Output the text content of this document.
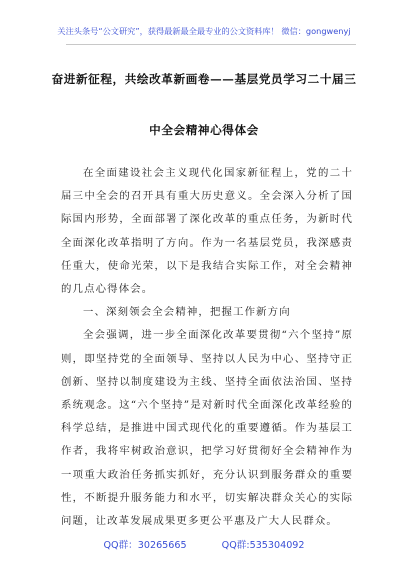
关注头条号“公文研究”，获得最新最全最专业的公文资料库！ 微信：gongwenyj
奋进新征程，共绘改革新画卷——基层党员学习二十届三
中全会精神心得体会

在全面建设社会主义现代化国家新征程上，党的二十届三中全会的召开具有重大历史意义。全会深入分析了国际国内形势，全面部署了深化改革的重点任务，为新时代全面深化改革指明了方向。作为一名基层党员，我深感责任重大，使命光荣，以下是我结合实际工作，对全会精神的几点心得体会。

一、深刻领会全会精神，把握工作新方向

全会强调，进一步全面深化改革要贯彻“六个坚持”原则，即坚持党的全面领导、坚持以人民为中心、坚持守正创新、坚持以制度建设为主线、坚持全面依法治国、坚持系统观念。这“六个坚持”是对新时代全面深化改革经验的科学总结，是推进中国式现代化的重要遵循。作为基层工作者，我将牢树政治意识，把学习好贯彻好全会精神作为一项重大政治任务抓实抓好，充分认识到服务群众的重要性，不断提升服务能力和水平，切实解决群众关心的实际问题，让改革发展成果更多更公平惠及广大人民群众。

QQ群：30265665	QQ群:535304092
